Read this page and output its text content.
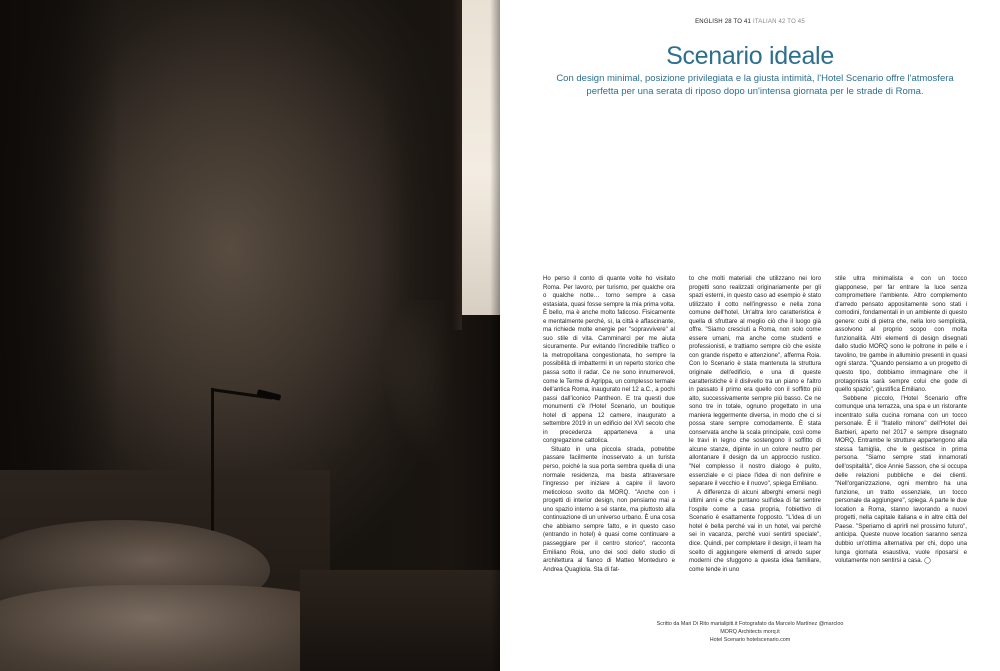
ENGLISH 28 TO 41 ITALIAN 42 TO 45
Scenario ideale

Con design minimal, posizione privilegiata e la giusta intimità, l'Hotel Scenario offre l'atmosfera perfetta per una serata di riposo dopo un'intensa giornata per le strade di Roma.

Ho perso il conto di quante volte ho visitato Roma. Per lavoro, per turismo, per qualche ora o qualche notte… torno sempre a casa estasiata, quasi fosse sempre la mia prima volta. È bello, ma è anche molto faticoso. Fisicamente e mentalmente perché, sì, la città è affascinante, ma richiede molte energie per "sopravvivere" al suo stile di vita. Camminarci per me aiuta sicuramente. Pur evitando l'incredibile traffico o la metropolitana congestionata, ho sempre la possibilità di imbattermi in un reperto storico che passa sotto il radar. Ce ne sono innumerevoli, come le Terme di Agrippa, un complesso termale dell'antica Roma, inaugurato nel 12 a.C., a pochi passi dall'iconico Pantheon. E tra questi due monumenti c'è l'Hotel Scenario, un boutique hotel di appena 12 camere, inaugurato a settembre 2019 in un edificio del XVI secolo che in precedenza apparteneva a una congregazione cattolica.

Situato in una piccola strada, potrebbe passare facilmente inosservato a un turista perso, poiché la sua porta sembra quella di una normale residenza, ma basta attraversare l'ingresso per iniziare a capire il lavoro meticoloso svolto da MORQ. "Anche con i progetti di interior design, non pensiamo mai a uno spazio interno a sé stante, ma piuttosto alla continuazione di un universo urbano. È una cosa che abbiamo sempre fatto, e in questo caso (entrando in hotel) è quasi come continuare a passeggiare per il centro storico", racconta Emiliano Roia, uno dei soci dello studio di architettura al fianco di Matteo Monteduro e Andrea Quagliola. Sta di fat-

to che molti materiali che utilizzano nei loro progetti sono realizzati originariamente per gli spazi esterni, in questo caso ad esempio è stato utilizzato il cotto nell'ingresso e nella zona comune dell'hotel. Un'altra loro caratteristica è quella di sfruttare al meglio ciò che il luogo già offre. "Siamo cresciuti a Roma, non solo come essere umani, ma anche come studenti e professionisti, e trattiamo sempre ciò che esiste con grande rispetto e attenzione", afferma Roia. Con lo Scenario è stata mantenuta la struttura originale dell'edificio, e una di queste caratteristiche è il dislivello tra un piano e l'altro in passato il primo era quello con il soffitto più alto, successivamente sempre più basso. Ce ne sono tre in totale, ognuno progettato in una maniera leggermente diversa, in modo che ci si possa stare sempre comodamente. È stata conservata anche la scala principale, così come le travi in legno che sostengono il soffitto di alcune stanze, dipinte in un colore neutro per allontanare il design da un approccio rustico. "Nel complesso il nostro dialogo è pulito, essenziale e ci piace l'idea di non definire e separare il vecchio e il nuovo", spiega Emiliano.

A differenza di alcuni alberghi emersi negli ultimi anni e che puntano sull'idea di far sentire l'ospite come a casa propria, l'obiettivo di Scenario è esattamente l'opposto. "L'idea di un hotel è bella perché vai in un hotel, vai perché sei in vacanza, perché vuoi sentirti speciale", dice. Quindi, per completare il design, il team ha scelto di aggiungere elementi di arredo super moderni che sfuggono a questa idea familiare, come tende in uno

stile ultra minimalista e con un tocco giapponese, per far entrare la luce senza compromettere l'ambiente. Altro complemento d'arredo pensato appositamente sono stati i comodini, fondamentali in un ambiente di questo genere: cubi di pietra che, nella loro semplicità, assolvono al proprio scopo con molta funzionalità. Altri elementi di design disegnati dallo studio MORQ sono le poltrone in pelle e i tavolino, tre gambe in alluminio presenti in quasi ogni stanza. "Quando pensiamo a un progetto di questo tipo, dobbiamo immaginare che il protagonista sarà sempre colui che gode di quello spazio", giustifica Emiliano.

Sebbene piccolo, l'Hotel Scenario offre comunque una terrazza, una spa e un ristorante incentrato sulla cucina romana con un tocco personale. È il "fratello minore" dell'Hotel dei Barbieri, aperto nel 2017 e sempre disegnato MORQ. Entrambe le strutture appartengono alla stessa famiglia, che le gestisce in prima persona. "Siamo sempre stati innamorati dell'ospitalità", dice Annie Sasson, che si occupa delle relazioni pubbliche e dei clienti. "Nell'organizzazione, ogni membro ha una funzione, un tratto essenziale, un tocco personale da aggiungere", spiega. A parte le due location a Roma, stanno lavorando a nuovi progetti, nella capitale italiana e in altre città del Paese. "Speriamo di aprirli nel prossimo futuro", anticipa. Queste nuove location saranno senza dubbio un'ottima alternativa per chi, dopo una lunga giornata esaustiva, vuole riposarsi e volutamente non sentirsi a casa. ◯

Scritto da Mari Di Rito marialipiti.it Fotografato da Marcelo Martínez @marcloo
MORQ Architects morq.it
Hotel Scenario hotelscenario.com
